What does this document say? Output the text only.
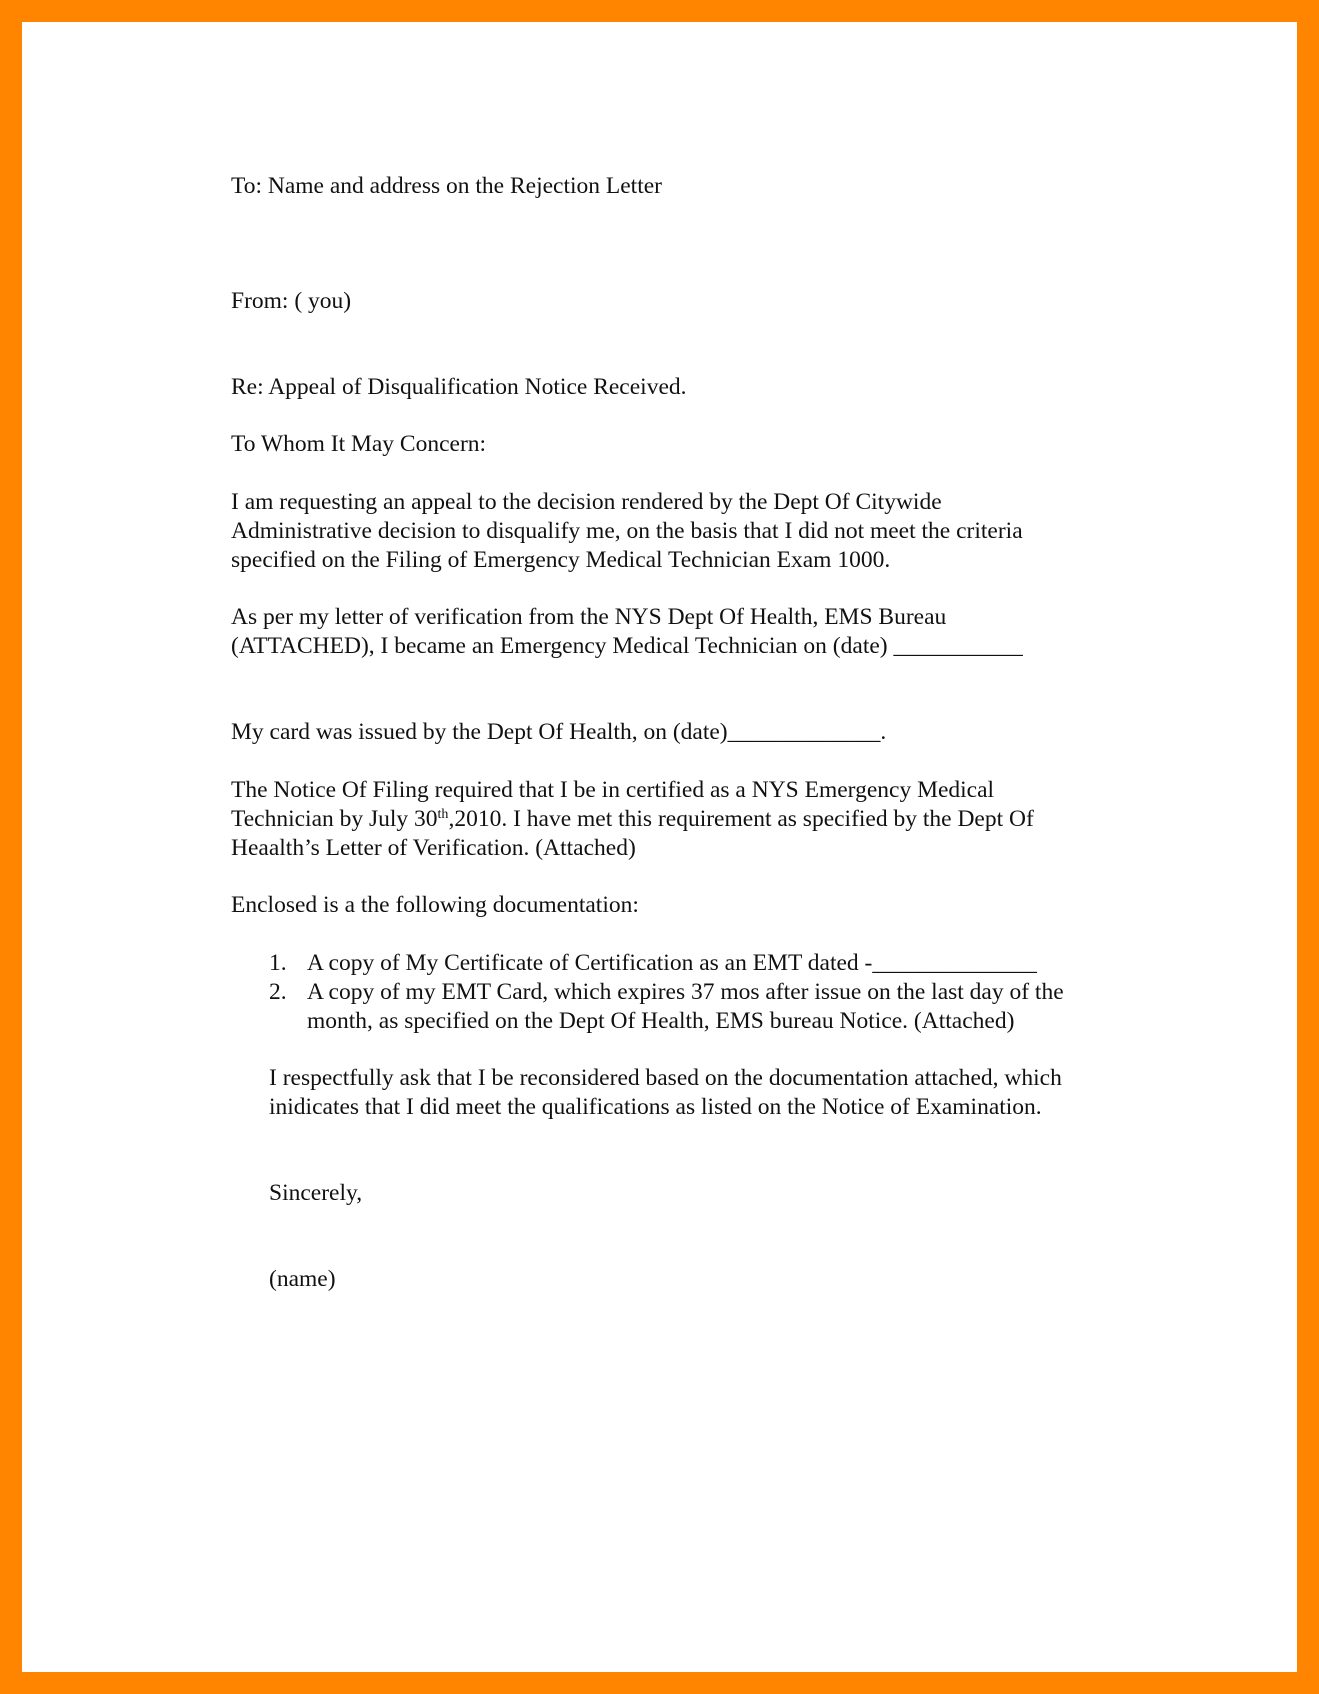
To: Name and address on the Rejection Letter

From: ( you)

Re: Appeal of Disqualification Notice Received.

To Whom It May Concern:

I am requesting an appeal to the decision rendered by the Dept Of Citywide

Administrative decision to disqualify me, on the basis that I did not meet the criteria

specified on the Filing of Emergency Medical Technician Exam 1000.

As per my letter of verification from the NYS Dept Of Health, EMS Bureau

(ATTACHED), I became an Emergency Medical Technician on (date) ___________

My card was issued by the Dept Of Health, on (date)_____________.

The Notice Of Filing required that I be in certified as a NYS Emergency Medical

Technician by July 30th,2010. I have met this requirement as specified by the Dept Of

Heaalth’s Letter of Verification. (Attached)

Enclosed is a the following documentation:

1. A copy of My Certificate of Certification as an EMT dated -______________

2. A copy of my EMT Card, which expires 37 mos after issue on the last day of the

month, as specified on the Dept Of Health, EMS bureau Notice. (Attached)

I respectfully ask that I be reconsidered based on the documentation attached, which

inidicates that I did meet the qualifications as listed on the Notice of Examination.

Sincerely,

(name)
